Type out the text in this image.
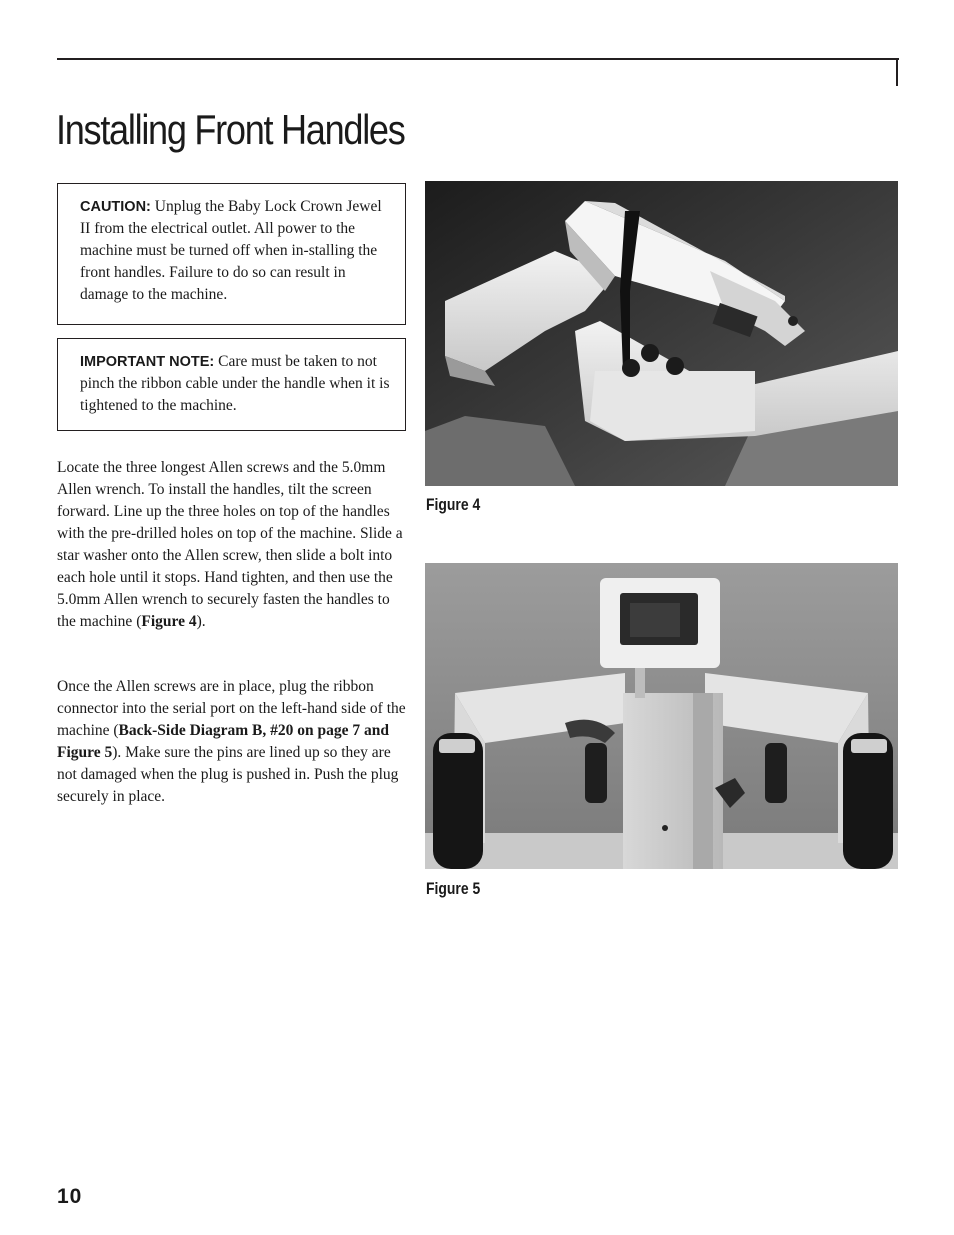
Installing Front Handles
CAUTION: Unplug the Baby Lock Crown Jewel II from the electrical outlet. All power to the machine must be turned off when in-stalling the front handles. Failure to do so can result in damage to the machine.
IMPORTANT NOTE: Care must be taken to not pinch the ribbon cable under the handle when it is tightened to the machine.

Locate the three longest Allen screws and the 5.0mm Allen wrench. To install the handles, tilt the screen forward. Line up the three holes on top of the handles with the pre-drilled holes on top of the machine. Slide a star washer onto the Allen screw, then slide a bolt into each hole until it stops. Hand tighten, and then use the 5.0mm Allen wrench to securely fasten the handles to the machine (Figure 4).

Once the Allen screws are in place, plug the ribbon connector into the serial port on the left-hand side of the machine (Back-Side Diagram B, #20 on page 7 and Figure 5). Make sure the pins are lined up so they are not damaged when the plug is pushed in. Push the plug securely in place.

Figure 4
Figure 5
10
